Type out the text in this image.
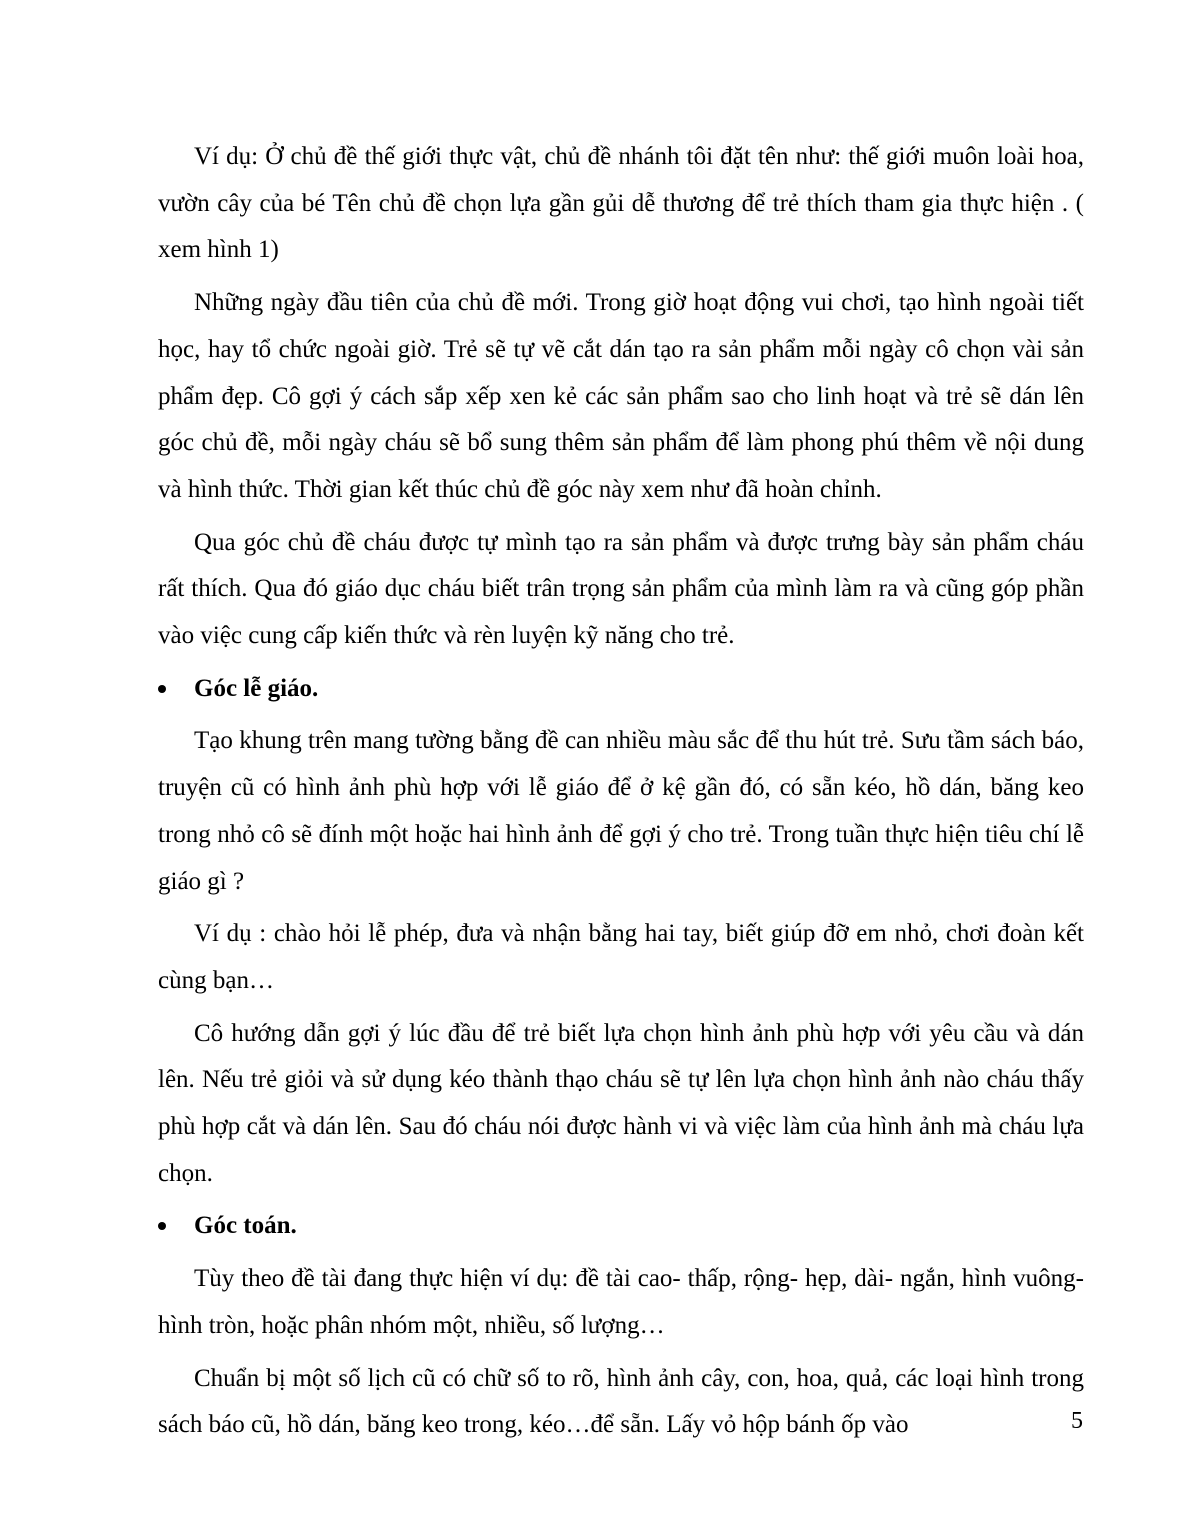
Ví dụ: Ở chủ đề thế giới thực vật, chủ đề nhánh tôi đặt tên như: thế giới muôn loài hoa, vườn cây của bé Tên chủ đề chọn lựa gần gủi dễ thương để trẻ thích tham gia thực hiện . ( xem hình 1)

Những ngày đầu tiên của chủ đề mới. Trong giờ hoạt động vui chơi, tạo hình ngoài tiết học, hay tổ chức ngoài giờ. Trẻ sẽ tự vẽ cắt dán tạo ra sản phẩm mỗi ngày cô chọn vài sản phẩm đẹp. Cô gợi ý cách sắp xếp xen kẻ các sản phẩm sao cho linh hoạt và trẻ sẽ dán lên góc chủ đề, mỗi ngày cháu sẽ bổ sung thêm sản phẩm để làm phong phú thêm về nội dung và hình thức. Thời gian kết thúc chủ đề góc này xem như đã hoàn chỉnh.

Qua góc chủ đề cháu được tự mình tạo ra sản phẩm và được trưng bày sản phẩm cháu rất thích. Qua đó giáo dục cháu biết trân trọng sản phẩm của mình làm ra và cũng góp phần vào việc cung cấp kiến thức và rèn luyện kỹ năng cho trẻ.

Góc lễ giáo.

Tạo khung trên mang tường bằng đề can nhiều màu sắc để thu hút trẻ. Sưu tầm sách báo, truyện cũ có hình ảnh phù hợp với lễ giáo để ở kệ gần đó, có sẵn kéo, hồ dán, băng keo trong nhỏ cô sẽ đính một hoặc hai hình ảnh để gợi ý cho trẻ. Trong tuần thực hiện tiêu chí lễ giáo gì ?

Ví dụ : chào hỏi lễ phép, đưa và nhận bằng hai tay, biết giúp đỡ em nhỏ, chơi đoàn kết cùng bạn…

Cô hướng dẫn gợi ý lúc đầu để trẻ biết lựa chọn hình ảnh phù hợp với yêu cầu và dán lên. Nếu trẻ giỏi và sử dụng kéo thành thạo cháu sẽ tự lên lựa chọn hình ảnh nào cháu thấy phù hợp cắt và dán lên. Sau đó cháu nói được hành vi và việc làm của hình ảnh mà cháu lựa chọn.

Góc toán.

Tùy theo đề tài đang thực hiện ví dụ: đề tài cao- thấp, rộng- hẹp, dài- ngắn, hình vuông- hình tròn, hoặc phân nhóm một, nhiều, số lượng…

Chuẩn bị một số lịch cũ có chữ số to rõ, hình ảnh cây, con, hoa, quả, các loại hình trong sách báo cũ, hồ dán, băng keo trong, kéo…để sẵn. Lấy vỏ hộp bánh ốp vào	5
